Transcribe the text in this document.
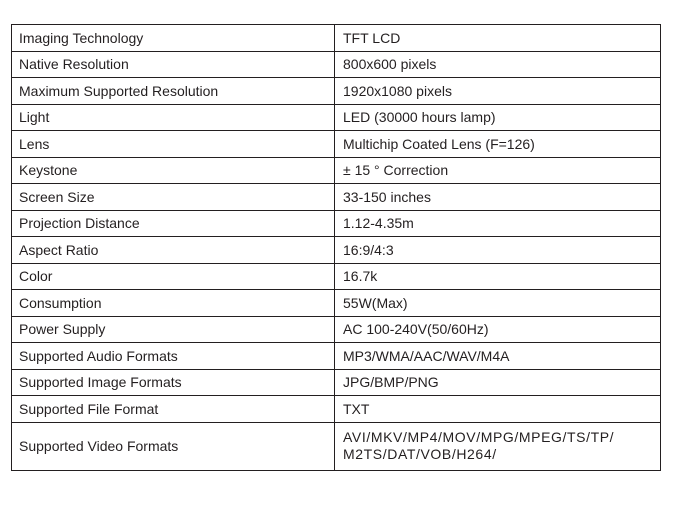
Imaging Technology	TFT LCD
Native Resolution	800x600 pixels
Maximum Supported Resolution	1920x1080 pixels
Light	LED (30000 hours lamp)
Lens	Multichip Coated Lens (F=126)
Keystone	± 15 ° Correction
Screen Size	33-150 inches
Projection Distance	1.12-4.35m
Aspect Ratio	16:9/4:3
Color	16.7k
Consumption	55W(Max)
Power Supply	AC 100-240V(50/60Hz)
Supported Audio Formats	MP3/WMA/AAC/WAV/M4A
Supported Image Formats	JPG/BMP/PNG
Supported File Format	TXT
Supported Video Formats	AVI/MKV/MP4/MOV/MPG/MPEG/TS/TP/
M2TS/DAT/VOB/H264/
